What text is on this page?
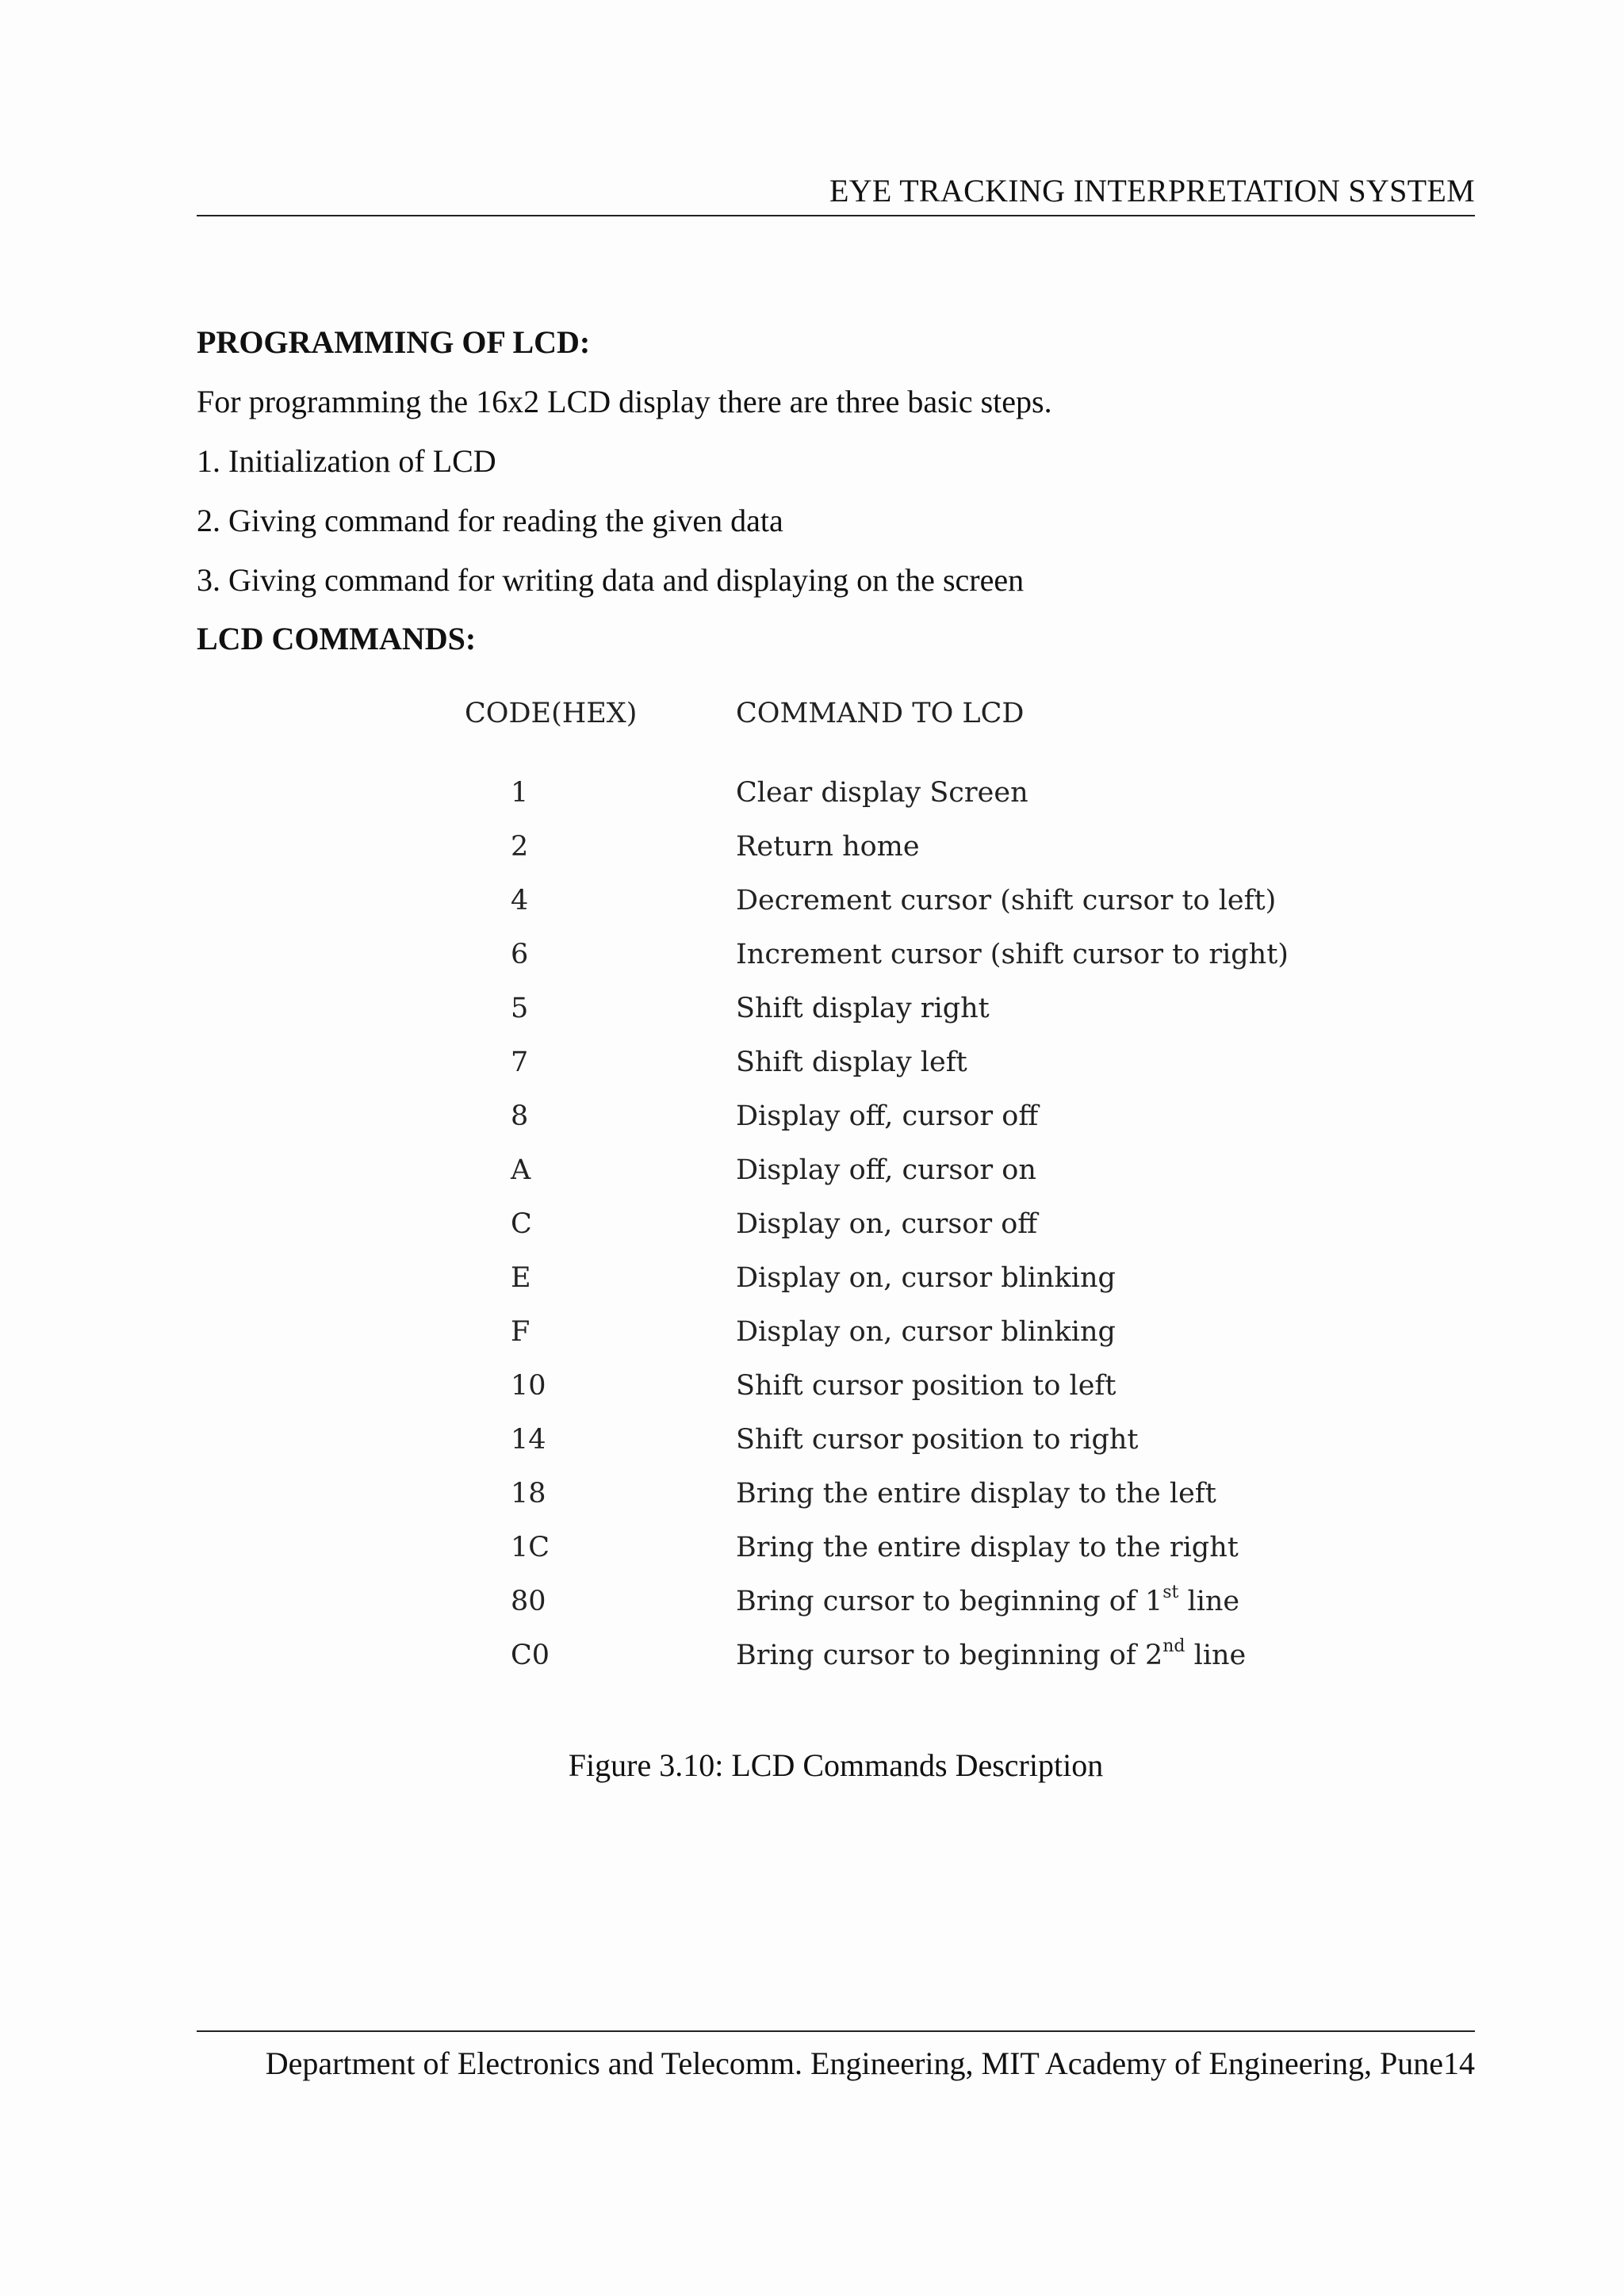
EYE TRACKING INTERPRETATION SYSTEM
PROGRAMMING OF LCD:
For programming the 16x2 LCD display there are three basic steps.
1. Initialization of LCD
2. Giving command for reading the given data
3. Giving command for writing data and displaying on the screen
LCD COMMANDS:
CODE(HEX)	COMMAND TO LCD
1	Clear display Screen
2	Return home
4	Decrement cursor (shift cursor to left)
6	Increment cursor (shift cursor to right)
5	Shift display right
7	Shift display left
8	Display off, cursor off
A	Display off, cursor on
C	Display on, cursor off
E	Display on, cursor blinking
F	Display on, cursor blinking
10	Shift cursor position to left
14	Shift cursor position to right
18	Bring the entire display to the left
1C	Bring the entire display to the right
80	Bring cursor to beginning of 1st line
C0	Bring cursor to beginning of 2nd line
Figure 3.10: LCD Commands Description
Department of Electronics and Telecomm. Engineering, MIT Academy of Engineering, Pune14
